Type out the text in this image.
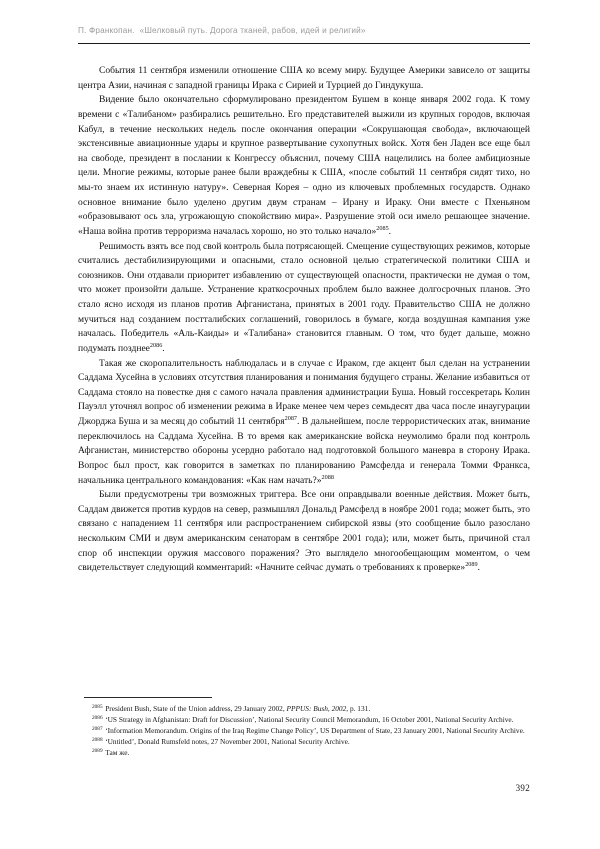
П. Франкопан. «Шелковый путь. Дорога тканей, рабов, идей и религий»

События 11 сентября изменили отношение США ко всему миру. Будущее Америки зависело от защиты центра Азии, начиная с западной границы Ирака с Сирией и Турцией до Гиндукуша.

Видение было окончательно сформулировано президентом Бушем в конце января 2002 года. К тому времени с «Талибаном» разбирались решительно. Его представителей выжили из крупных городов, включая Кабул, в течение нескольких недель после окончания операции «Сокрушающая свобода», включающей экстенсивные авиационные удары и крупное развертывание сухопутных войск. Хотя бен Ладен все еще был на свободе, президент в послании к Конгрессу объяснил, почему США нацелились на более амбициозные цели. Многие режимы, которые ранее были враждебны к США, «после событий 11 сентября сидят тихо, но мы-то знаем их истинную натуру». Северная Корея – одно из ключевых проблемных государств. Однако основное внимание было уделено другим двум странам – Ирану и Ираку. Они вместе с Пхеньяном «образовывают ось зла, угрожающую спокойствию мира». Разрушение этой оси имело решающее значение. «Наша война против терроризма началась хорошо, но это только начало»$^{2085}$.

Решимость взять все под свой контроль была потрясающей. Смещение существующих режимов, которые считались дестабилизирующими и опасными, стало основной целью стратегической политики США и союзников. Они отдавали приоритет избавлению от существующей опасности, практически не думая о том, что может произойти дальше. Устранение краткосрочных проблем было важнее долгосрочных планов. Это стало ясно исходя из планов против Афганистана, принятых в 2001 году. Правительство США не должно мучиться над созданием постталибских соглашений, говорилось в бумаге, когда воздушная кампания уже началась. Победитель «Аль-Каиды» и «Талибана» становится главным. О том, что будет дальше, можно подумать позднее$^{2086}$.

Такая же скоропалительность наблюдалась и в случае с Ираком, где акцент был сделан на устранении Саддама Хусейна в условиях отсутствия планирования и понимания будущего страны. Желание избавиться от Саддама стояло на повестке дня с самого начала правления администрации Буша. Новый госсекретарь Колин Пауэлл уточнял вопрос об изменении режима в Ираке менее чем через семьдесят два часа после инаугурации Джорджа Буша и за месяц до событий 11 сентября$^{2087}$. В дальнейшем, после террористических атак, внимание переключилось на Саддама Хусейна. В то время как американские войска неумолимо брали под контроль Афганистан, министерство обороны усердно работало над подготовкой большого маневра в сторону Ирака. Вопрос был прост, как говорится в заметках по планированию Рамсфелда и генерала Томми Франкса, начальника центрального командования: «Как нам начать?»$^{2088}$

Были предусмотрены три возможных триггера. Все они оправдывали военные действия. Может быть, Саддам движется против курдов на север, размышлял Дональд Рамсфелд в ноябре 2001 года; может быть, это связано с нападением 11 сентября или распространением сибирской язвы (это сообщение было разослано нескольким СМИ и двум американским сенаторам в сентябре 2001 года); или, может быть, причиной стал спор об инспекции оружия массового поражения? Это выглядело многообещающим моментом, о чем свидетельствует следующий комментарий: «Начните сейчас думать о требованиях к проверке»$^{2089}$.

$^{2085}$ President Bush, State of the Union address, 29 January 2002, PPPUS: Bush, 2002, p. 131.

$^{2086}$ ‘US Strategy in Afghanistan: Draft for Discussion’, National Security Council Memorandum, 16 October 2001, National Security Archive.

$^{2087}$ ‘Information Memorandum. Origins of the Iraq Regime Change Policy’, US Department of State, 23 January 2001, National Security Archive.

$^{2088}$ ‘Untitled’, Donald Rumsfeld notes, 27 November 2001, National Security Archive.

$^{2089}$ Там же.

392
